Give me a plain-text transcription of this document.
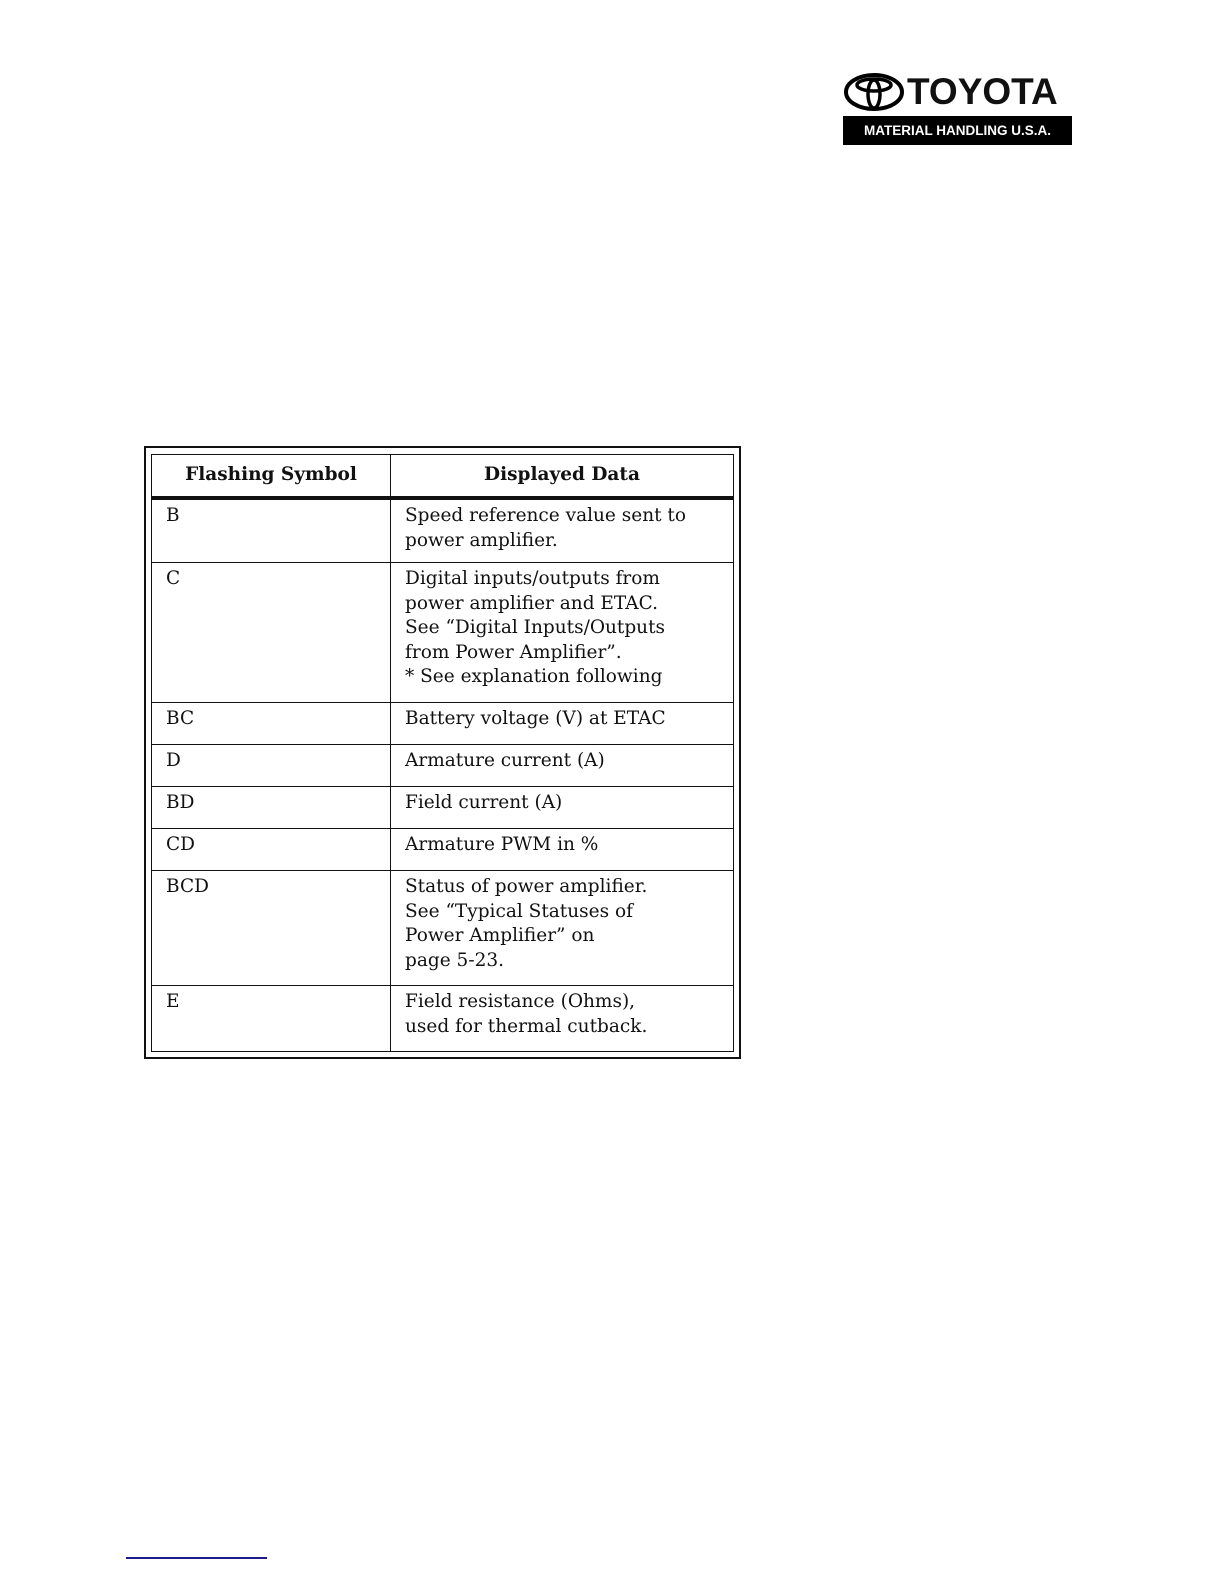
TOYOTA
MATERIAL HANDLING U.S.A.
Flashing Symbol	Displayed Data
B	Speed reference value sent to
power amplifier.
C	Digital inputs/outputs from
power amplifier and ETAC.
See “Digital Inputs/Outputs
from Power Amplifier”.
* See explanation following
BC	Battery voltage (V) at ETAC
D	Armature current (A)
BD	Field current (A)
CD	Armature PWM in %
BCD	Status of power amplifier.
See “Typical Statuses of
Power Amplifier” on
page 5-23.
E	Field resistance (Ohms),
used for thermal cutback.
